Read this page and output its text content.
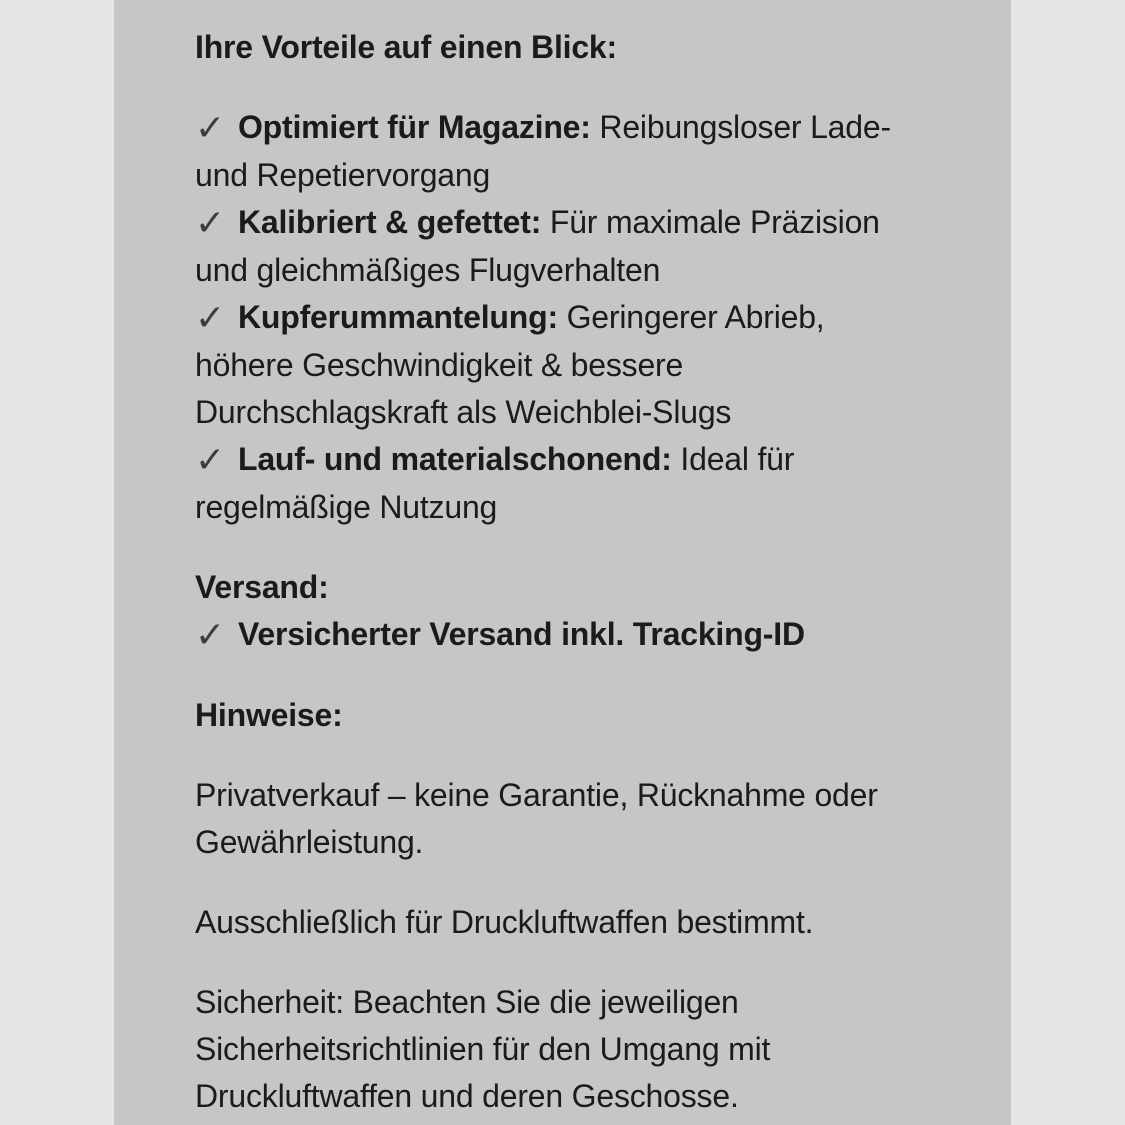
Ihre Vorteile auf einen Blick:

✓ Optimiert für Magazine: Reibungsloser Lade- und Repetiervorgang
✓ Kalibriert & gefettet: Für maximale Präzision und gleichmäßiges Flugverhalten
✓ Kupferummantelung: Geringerer Abrieb, höhere Geschwindigkeit & bessere Durchschlagskraft als Weichblei-Slugs
✓ Lauf- und materialschonend: Ideal für regelmäßige Nutzung
Versand:
✓ Versicherter Versand inkl. Tracking-ID

Hinweise:

Privatverkauf – keine Garantie, Rücknahme oder Gewährleistung.

Ausschließlich für Druckluftwaffen bestimmt.

Sicherheit: Beachten Sie die jeweiligen Sicherheitsrichtlinien für den Umgang mit Druckluftwaffen und deren Geschosse.
